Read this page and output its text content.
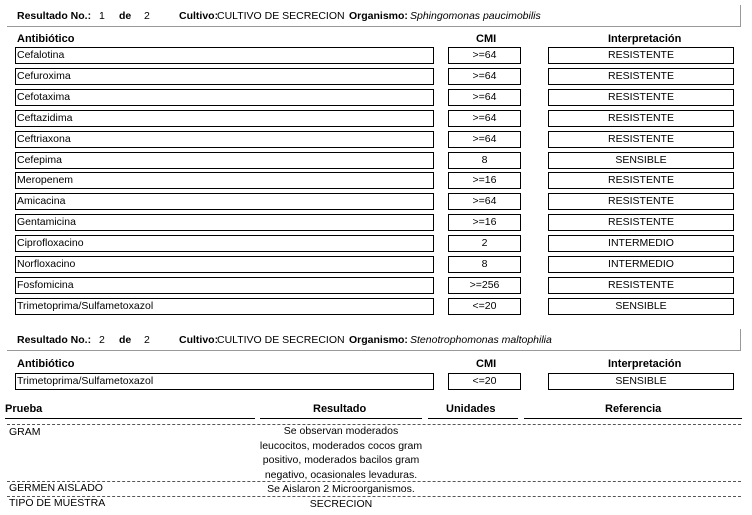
Resultado No.: 1 de 2	Cultivo:
CULTIVO DE SECRECION Organismo: Sphingomonas paucimobilis
Antibiótico	CMI	Interpretación
Cefalotina	>=64	RESISTENTE
Cefuroxima	>=64	RESISTENTE
Cefotaxima	>=64	RESISTENTE
Ceftazidima	>=64	RESISTENTE
Ceftriaxona	>=64	RESISTENTE
Cefepima	8	SENSIBLE
Meropenem	>=16	RESISTENTE
Amicacina	>=64	RESISTENTE
Gentamicina	>=16	RESISTENTE
Ciprofloxacino	2	INTERMEDIO
Norfloxacino	8	INTERMEDIO
Fosfomicina	>=256	RESISTENTE
Trimetoprima/Sulfametoxazol	<=20	SENSIBLE
Resultado No.: 2 de 2	Cultivo:
CULTIVO DE SECRECION Organismo: Stenotrophomonas maltophilia
Antibiótico	CMI	Interpretación
Trimetoprima/Sulfametoxazol	<=20	SENSIBLE
Prueba	Resultado	Unidades	Referencia
GRAM	Se observan moderados
leucocitos, moderados cocos gram
positivo, moderados bacilos gram
negativo, ocasionales levaduras.
GERMEN AISLADO	Se Aislaron 2 Microorganismos.
TIPO DE MUESTRA	SECRECION
